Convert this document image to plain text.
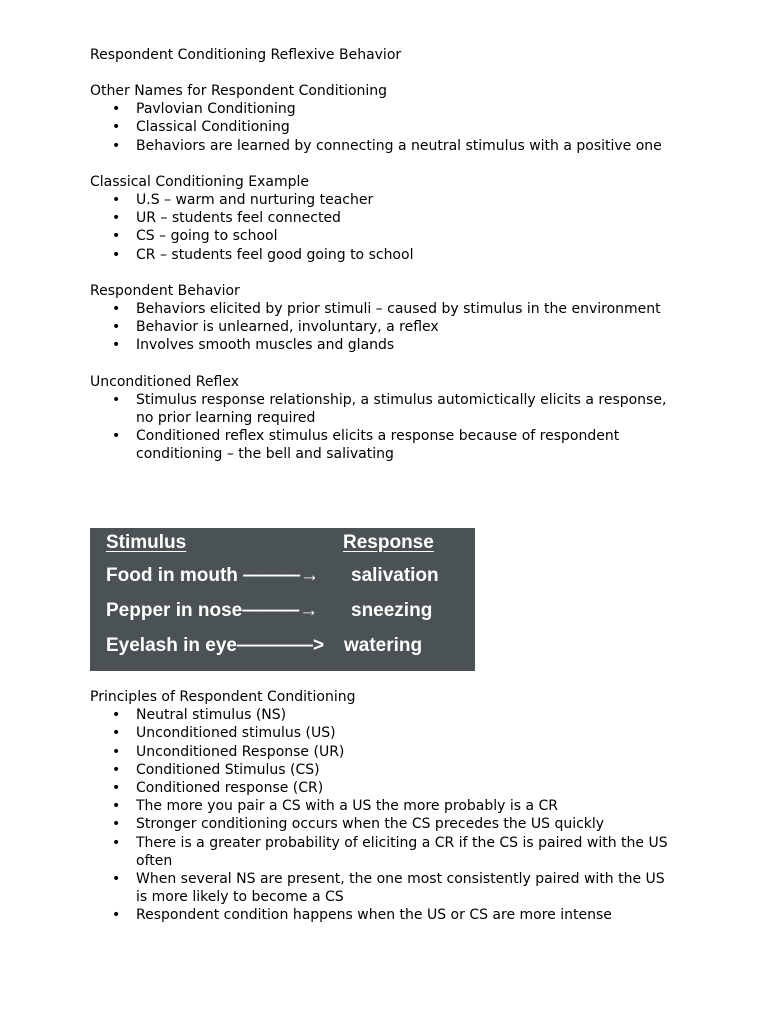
Respondent Conditioning Reflexive Behavior

Other Names for Respondent Conditioning

• Pavlovian Conditioning
• Classical Conditioning
• Behaviors are learned by connecting a neutral stimulus with a positive one

Classical Conditioning Example

• U.S – warm and nurturing teacher
• UR – students feel connected
• CS – going to school
• CR – students feel good going to school

Respondent Behavior

• Behaviors elicited by prior stimuli – caused by stimulus in the environment
• Behavior is unlearned, involuntary, a reflex
• Involves smooth muscles and glands

Unconditioned Reflex

• Stimulus response relationship, a stimulus automictically elicits a response, no prior learning required
• Conditioned reflex stimulus elicits a response because of respondent conditioning – the bell and salivating
Stimulus	Response
Food in mouth ———→ salivation
Pepper in nose———→ sneezing
Eyelash in eye————> watering

Principles of Respondent Conditioning

• Neutral stimulus (NS)
• Unconditioned stimulus (US)
• Unconditioned Response (UR)
• Conditioned Stimulus (CS)
• Conditioned response (CR)
• The more you pair a CS with a US the more probably is a CR
• Stronger conditioning occurs when the CS precedes the US quickly
• There is a greater probability of eliciting a CR if the CS is paired with the US often
• When several NS are present, the one most consistently paired with the US is more likely to become a CS
• Respondent condition happens when the US or CS are more intense
